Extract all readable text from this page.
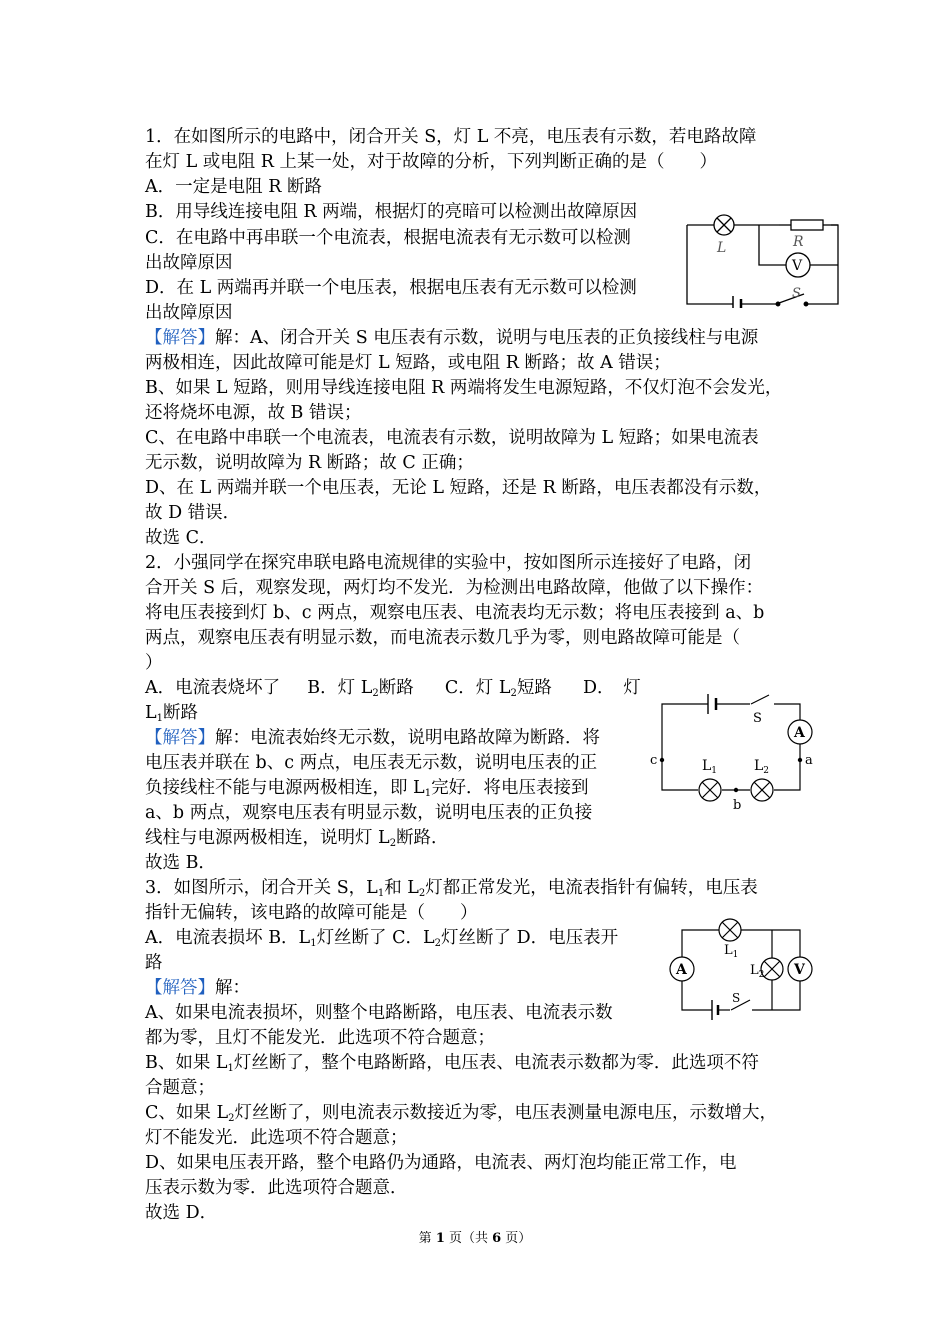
1．在如图所示的电路中，闭合开关 S，灯 L 不亮，电压表有示数，若电路故障
在灯 L 或电阻 R 上某一处，对于故障的分析，下列判断正确的是（　　）
A．一定是电阻 R 断路
B．用导线连接电阻 R 两端，根据灯的亮暗可以检测出故障原因
C．在电路中再串联一个电流表，根据电流表有无示数可以检测
出故障原因
D．在 L 两端再并联一个电压表，根据电压表有无示数可以检测
出故障原因
【解答】解：A、闭合开关 S 电压表有示数，说明与电压表的正负接线柱与电源
两极相连，因此故障可能是灯 L 短路，或电阻 R 断路；故 A 错误；
B、如果 L 短路，则用导线连接电阻 R 两端将发生电源短路，不仅灯泡不会发光，
还将烧坏电源，故 B 错误；
C、在电路中串联一个电流表，电流表有示数，说明故障为 L 短路；如果电流表
无示数，说明故障为 R 断路；故 C 正确；
D、在 L 两端并联一个电压表，无论 L 短路，还是 R 断路，电压表都没有示数，
故 D 错误．
故选 C．
L	R
V
S
2．小强同学在探究串联电路电流规律的实验中，按如图所示连接好了电路，闭
合开关 S 后，观察发现，两灯均不发光．为检测出电路故障，他做了以下操作：
将电压表接到灯 b、c 两点，观察电压表、电流表均无示数；将电压表接到 a、b
两点，观察电压表有明显示数，而电流表示数几乎为零，则电路故障可能是（
）
A．电流表烧坏了 B．灯 $L_2$断路 C．灯 $L_2$短路 D．　灯
$L_1$断路
【解答】解：电流表始终无示数，说明电路故障为断路．将
电压表并联在 b、c 两点，电压表无示数，说明电压表的正
负接线柱不能与电源两极相连，即 $L_1$完好．将电压表接到
a、b 两点，观察电压表有明显示数，说明电压表的正负接
线柱与电源两极相连，说明灯 $L_2$断路．
故选 B．
S
A
c	a
b
$L_1$	$L_2$
3．如图所示，闭合开关 S，$L_1$和 $L_2$灯都正常发光，电流表指针有偏转，电压表
指针无偏转，该电路的故障可能是（　　）
A．电流表损坏 B．$L_1$灯丝断了 C．$L_2$灯丝断了 D．电压表开
路
【解答】解：
A、如果电流表损坏，则整个电路断路，电压表、电流表示数
都为零，且灯不能发光．此选项不符合题意；
B、如果 $L_1$灯丝断了，整个电路断路，电压表、电流表示数都为零．此选项不符
合题意；
C、如果 $L_2$灯丝断了，则电流表示数接近为零，电压表测量电源电压，示数增大，
灯不能发光．此选项不符合题意；
D、如果电压表开路，整个电路仍为通路，电流表、两灯泡均能正常工作，电
压表示数为零．此选项符合题意．
故选 D．
A	V
S
$L_1$
$L_2$
第 1 页（共 6 页）
